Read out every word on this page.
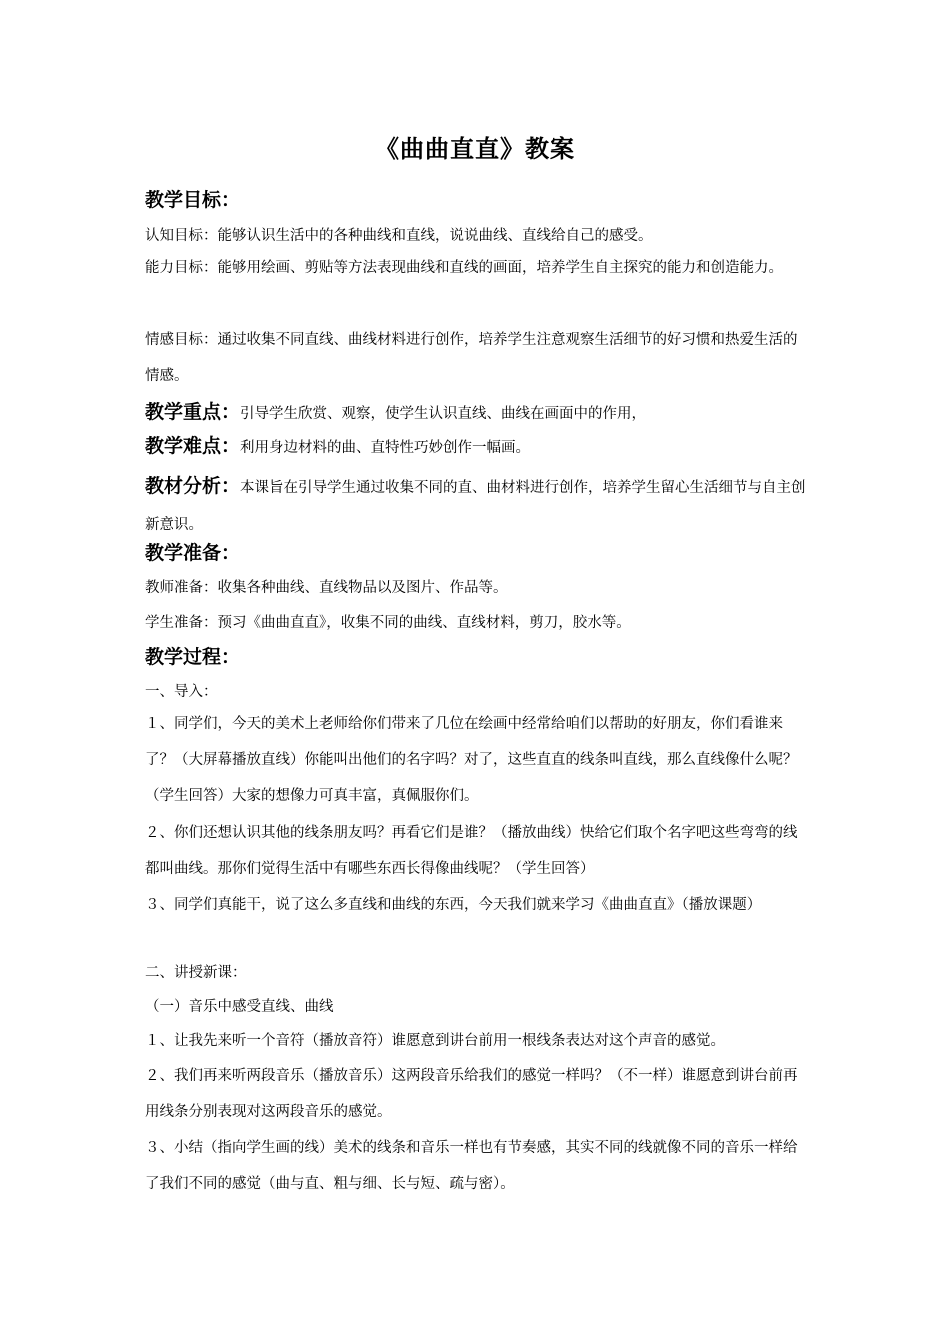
《曲曲直直》教案
教学目标：
认知目标：能够认识生活中的各种曲线和直线，说说曲线、直线给自己的感受。
能力目标：能够用绘画、剪贴等方法表现曲线和直线的画面，培养学生自主探究的能力和创造能力。
情感目标：通过收集不同直线、曲线材料进行创作，培养学生注意观察生活细节的好习惯和热爱生活的情感。
教学重点：引导学生欣赏、观察，使学生认识直线、曲线在画面中的作用，
教学难点：利用身边材料的曲、直特性巧妙创作一幅画。
教材分析：本课旨在引导学生通过收集不同的直、曲材料进行创作，培养学生留心生活细节与自主创新意识。
教学准备：
教师准备：收集各种曲线、直线物品以及图片、作品等。
学生准备：预习《曲曲直直》，收集不同的曲线、直线材料，剪刀，胶水等。
教学过程：
一、导入：
１、同学们，今天的美术上老师给你们带来了几位在绘画中经常给咱们以帮助的好朋友，你们看谁来了？（大屏幕播放直线）你能叫出他们的名字吗？对了，这些直直的线条叫直线，那么直线像什么呢？（学生回答）大家的想像力可真丰富，真佩服你们。
２、你们还想认识其他的线条朋友吗？再看它们是谁？（播放曲线）快给它们取个名字吧这些弯弯的线都叫曲线。那你们觉得生活中有哪些东西长得像曲线呢？（学生回答）
３、同学们真能干，说了这么多直线和曲线的东西，今天我们就来学习《曲曲直直》（播放课题）
二、讲授新课：
（一）音乐中感受直线、曲线
１、让我先来听一个音符（播放音符）谁愿意到讲台前用一根线条表达对这个声音的感觉。
２、我们再来听两段音乐（播放音乐）这两段音乐给我们的感觉一样吗？（不一样）谁愿意到讲台前再用线条分别表现对这两段音乐的感觉。
３、小结（指向学生画的线）美术的线条和音乐一样也有节奏感，其实不同的线就像不同的音乐一样给了我们不同的感觉（曲与直、粗与细、长与短、疏与密）。
